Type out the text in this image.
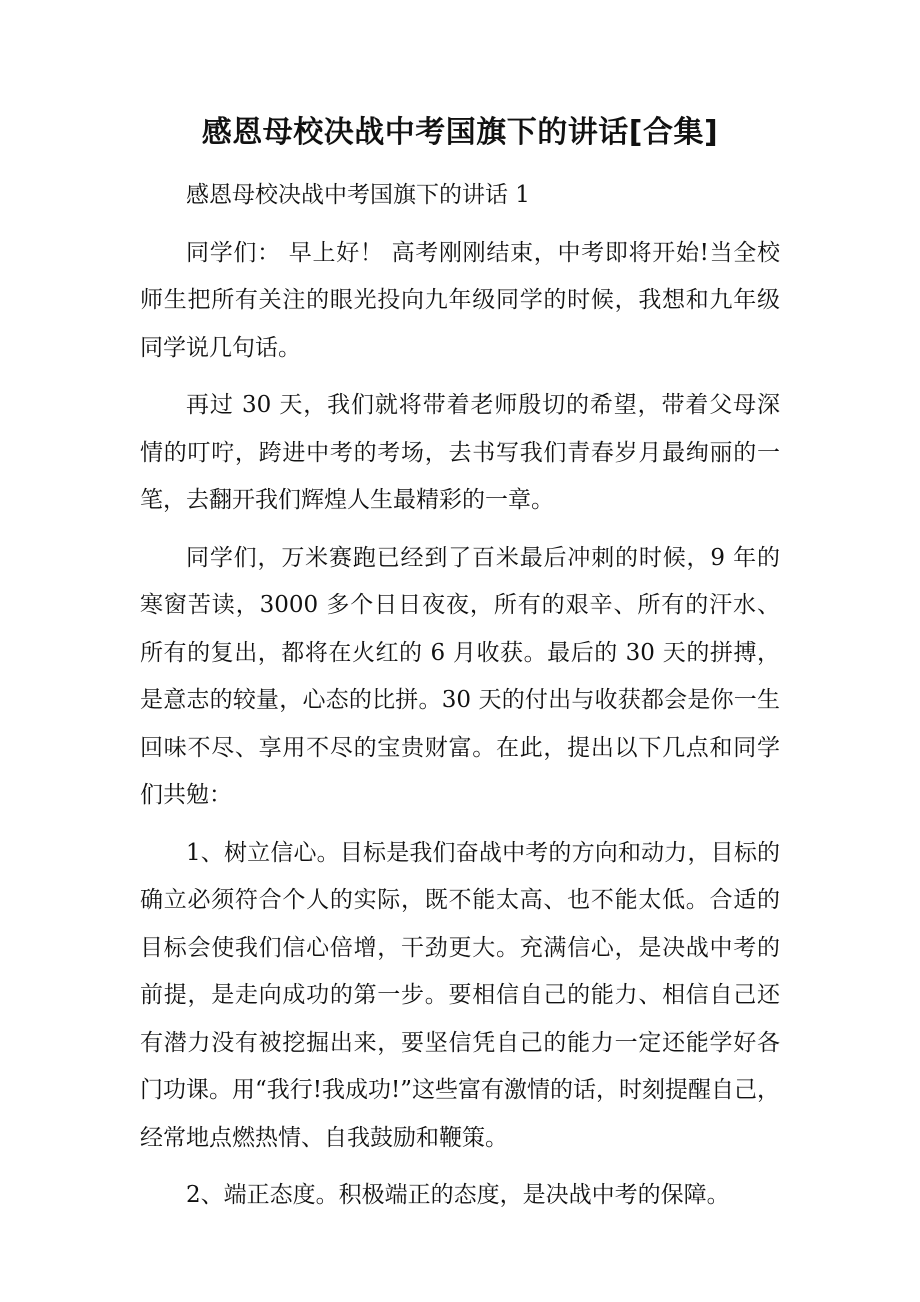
感恩母校决战中考国旗下的讲话[合集]

感恩母校决战中考国旗下的讲话 1

同学们： 早上好！ 高考刚刚结束，中考即将开始!当全校师生把所有关注的眼光投向九年级同学的时候，我想和九年级同学说几句话。

再过 30 天，我们就将带着老师殷切的希望，带着父母深情的叮咛，跨进中考的考场，去书写我们青春岁月最绚丽的一笔，去翻开我们辉煌人生最精彩的一章。

同学们，万米赛跑已经到了百米最后冲刺的时候，9 年的寒窗苦读，3000 多个日日夜夜，所有的艰辛、所有的汗水、所有的复出，都将在火红的 6 月收获。最后的 30 天的拼搏，是意志的较量，心态的比拼。30 天的付出与收获都会是你一生回味不尽、享用不尽的宝贵财富。在此，提出以下几点和同学们共勉：

1、树立信心。目标是我们奋战中考的方向和动力，目标的确立必须符合个人的实际，既不能太高、也不能太低。合适的目标会使我们信心倍增，干劲更大。充满信心，是决战中考的前提，是走向成功的第一步。要相信自己的能力、相信自己还有潜力没有被挖掘出来，要坚信凭自己的能力一定还能学好各门功课。用“我行!我成功!”这些富有激情的话，时刻提醒自己，经常地点燃热情、自我鼓励和鞭策。

2、端正态度。积极端正的态度，是决战中考的保障。
